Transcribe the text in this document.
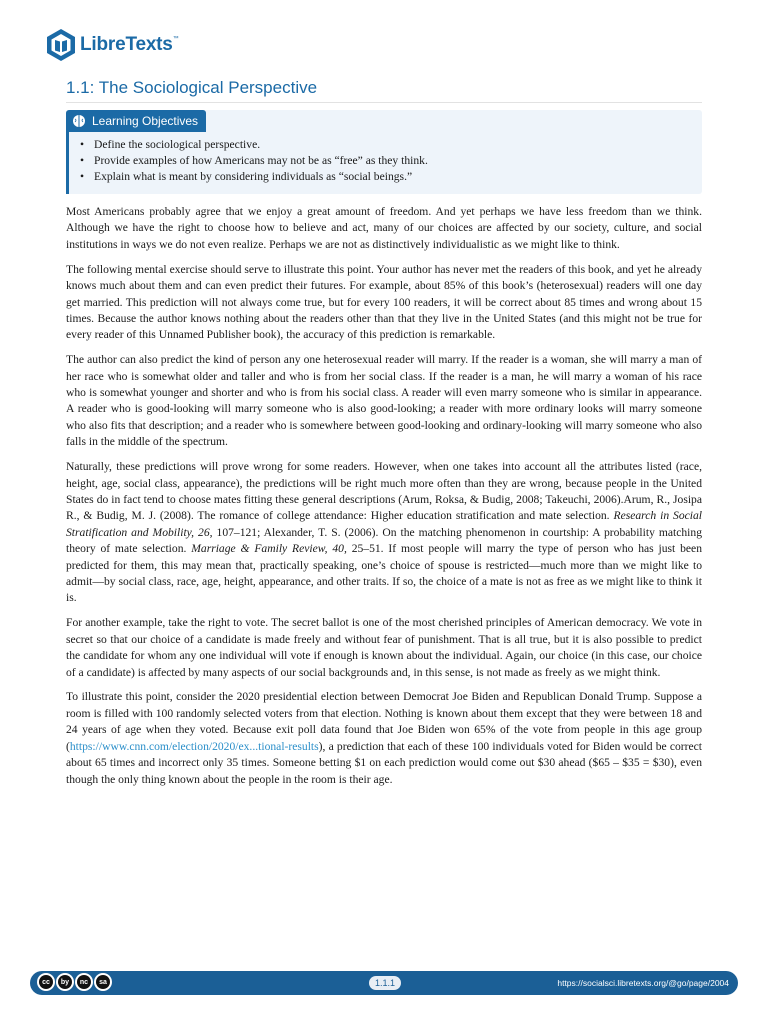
LibreTexts ™
1.1: The Sociological Perspective
Learning Objectives
• Define the sociological perspective.
• Provide examples of how Americans may not be as “free” as they think.
• Explain what is meant by considering individuals as “social beings.”

Most Americans probably agree that we enjoy a great amount of freedom. And yet perhaps we have less freedom than we think. Although we have the right to choose how to believe and act, many of our choices are affected by our society, culture, and social institutions in ways we do not even realize. Perhaps we are not as distinctively individualistic as we might like to think.

The following mental exercise should serve to illustrate this point. Your author has never met the readers of this book, and yet he already knows much about them and can even predict their futures. For example, about 85% of this book’s (heterosexual) readers will one day get married. This prediction will not always come true, but for every 100 readers, it will be correct about 85 times and wrong about 15 times. Because the author knows nothing about the readers other than that they live in the United States (and this might not be true for every reader of this Unnamed Publisher book), the accuracy of this prediction is remarkable.

The author can also predict the kind of person any one heterosexual reader will marry. If the reader is a woman, she will marry a man of her race who is somewhat older and taller and who is from her social class. If the reader is a man, he will marry a woman of his race who is somewhat younger and shorter and who is from his social class. A reader will even marry someone who is similar in appearance. A reader who is good-looking will marry someone who is also good-looking; a reader with more ordinary looks will marry someone who also fits that description; and a reader who is somewhere between good-looking and ordinary-looking will marry someone who also falls in the middle of the spectrum.

Naturally, these predictions will prove wrong for some readers. However, when one takes into account all the attributes listed (race, height, age, social class, appearance), the predictions will be right much more often than they are wrong, because people in the United States do in fact tend to choose mates fitting these general descriptions (Arum, Roksa, & Budig, 2008; Takeuchi, 2006).Arum, R., Josipa R., & Budig, M. J. (2008). The romance of college attendance: Higher education stratification and mate selection. Research in Social Stratification and Mobility, 26, 107–121; Alexander, T. S. (2006). On the matching phenomenon in courtship: A probability matching theory of mate selection. Marriage & Family Review, 40, 25–51. If most people will marry the type of person who has just been predicted for them, this may mean that, practically speaking, one’s choice of spouse is restricted—much more than we might like to admit—by social class, race, age, height, appearance, and other traits. If so, the choice of a mate is not as free as we might like to think it is.

For another example, take the right to vote. The secret ballot is one of the most cherished principles of American democracy. We vote in secret so that our choice of a candidate is made freely and without fear of punishment. That is all true, but it is also possible to predict the candidate for whom any one individual will vote if enough is known about the individual. Again, our choice (in this case, our choice of a candidate) is affected by many aspects of our social backgrounds and, in this sense, is not made as freely as we might think.

To illustrate this point, consider the 2020 presidential election between Democrat Joe Biden and Republican Donald Trump. Suppose a room is filled with 100 randomly selected voters from that election. Nothing is known about them except that they were between 18 and 24 years of age when they voted. Because exit poll data found that Joe Biden won 65% of the vote from people in this age group (https://www.cnn.com/election/2020/ex...tional-results), a prediction that each of these 100 individuals voted for Biden would be correct about 65 times and incorrect only 35 times. Someone betting $1 on each prediction would come out $30 ahead ($65 – $35 = $30), even though the only thing known about the people in the room is their age.

cc	by	nc	sa	1.1.1	https://socialsci.libretexts.org/@go/page/2004
